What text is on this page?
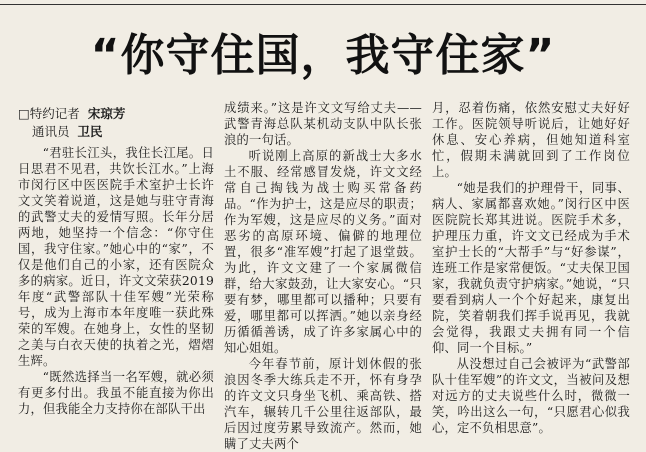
“你守住国，我守住家”
□特约记者 宋琼芳
通讯员 卫民

“君驻长江头，我住长江尾。日日思君不见君，共饮长江水。”上海市闵行区中医医院手术室护士长许文文笑着说道，这是她与驻守青海的武警丈夫的爱情写照。长年分居两地，她坚持一个信念：“你守住国，我守住家。”她心中的“家”，不仅是他们自己的小家，还有医院众多的病家。近日，许文文荣获2019年度“武警部队十佳军嫂”光荣称号，成为上海市本年度唯一获此殊荣的军嫂。在她身上，女性的坚韧之美与白衣天使的执着之光，熠熠生辉。

“既然选择当一名军嫂，就必须有更多付出。我虽不能直接为你出力，但我能全力支持你在部队干出

成绩来。”这是许文文写给丈夫——武警青海总队某机动支队中队长张浪的一句话。

听说刚上高原的新战士大多水土不服、经常感冒发烧，许文文经常自己掏钱为战士购买常备药品。“作为护士，这是应尽的职责；作为军嫂，这是应尽的义务。”面对恶劣的高原环境、偏僻的地理位置，很多“准军嫂”打起了退堂鼓。为此，许文文建了一个家属微信群，给大家鼓劲，让大家安心。“只要有梦，哪里都可以播种；只要有爱，哪里都可以挥洒。”她以亲身经历循循善诱，成了许多家属心中的知心姐姐。

今年春节前，原计划休假的张浪因冬季大练兵走不开，怀有身孕的许文文只身坐飞机、乘高铁、搭汽车，辗转几千公里往返部队，最后因过度劳累导致流产。然而，她瞒了丈夫两个

月，忍着伤痛，依然安慰丈夫好好工作。医院领导听说后，让她好好休息、安心养病，但她知道科室忙，假期未满就回到了工作岗位上。

“她是我们的护理骨干，同事、病人、家属都喜欢她。”闵行区中医医院院长郑其进说。医院手术多，护理压力重，许文文已经成为手术室护士长的“大帮手”与“好参谋”，连班工作是家常便饭。“丈夫保卫国家，我就负责守护病家。”她说，“只要看到病人一个个好起来，康复出院，笑着朝我们挥手说再见，我就会觉得，我跟丈夫拥有同一个信仰、同一个目标。”

从没想过自己会被评为“武警部队十佳军嫂”的许文文，当被问及想对远方的丈夫说些什么时，微微一笑，吟出这么一句，“只愿君心似我心，定不负相思意”。
